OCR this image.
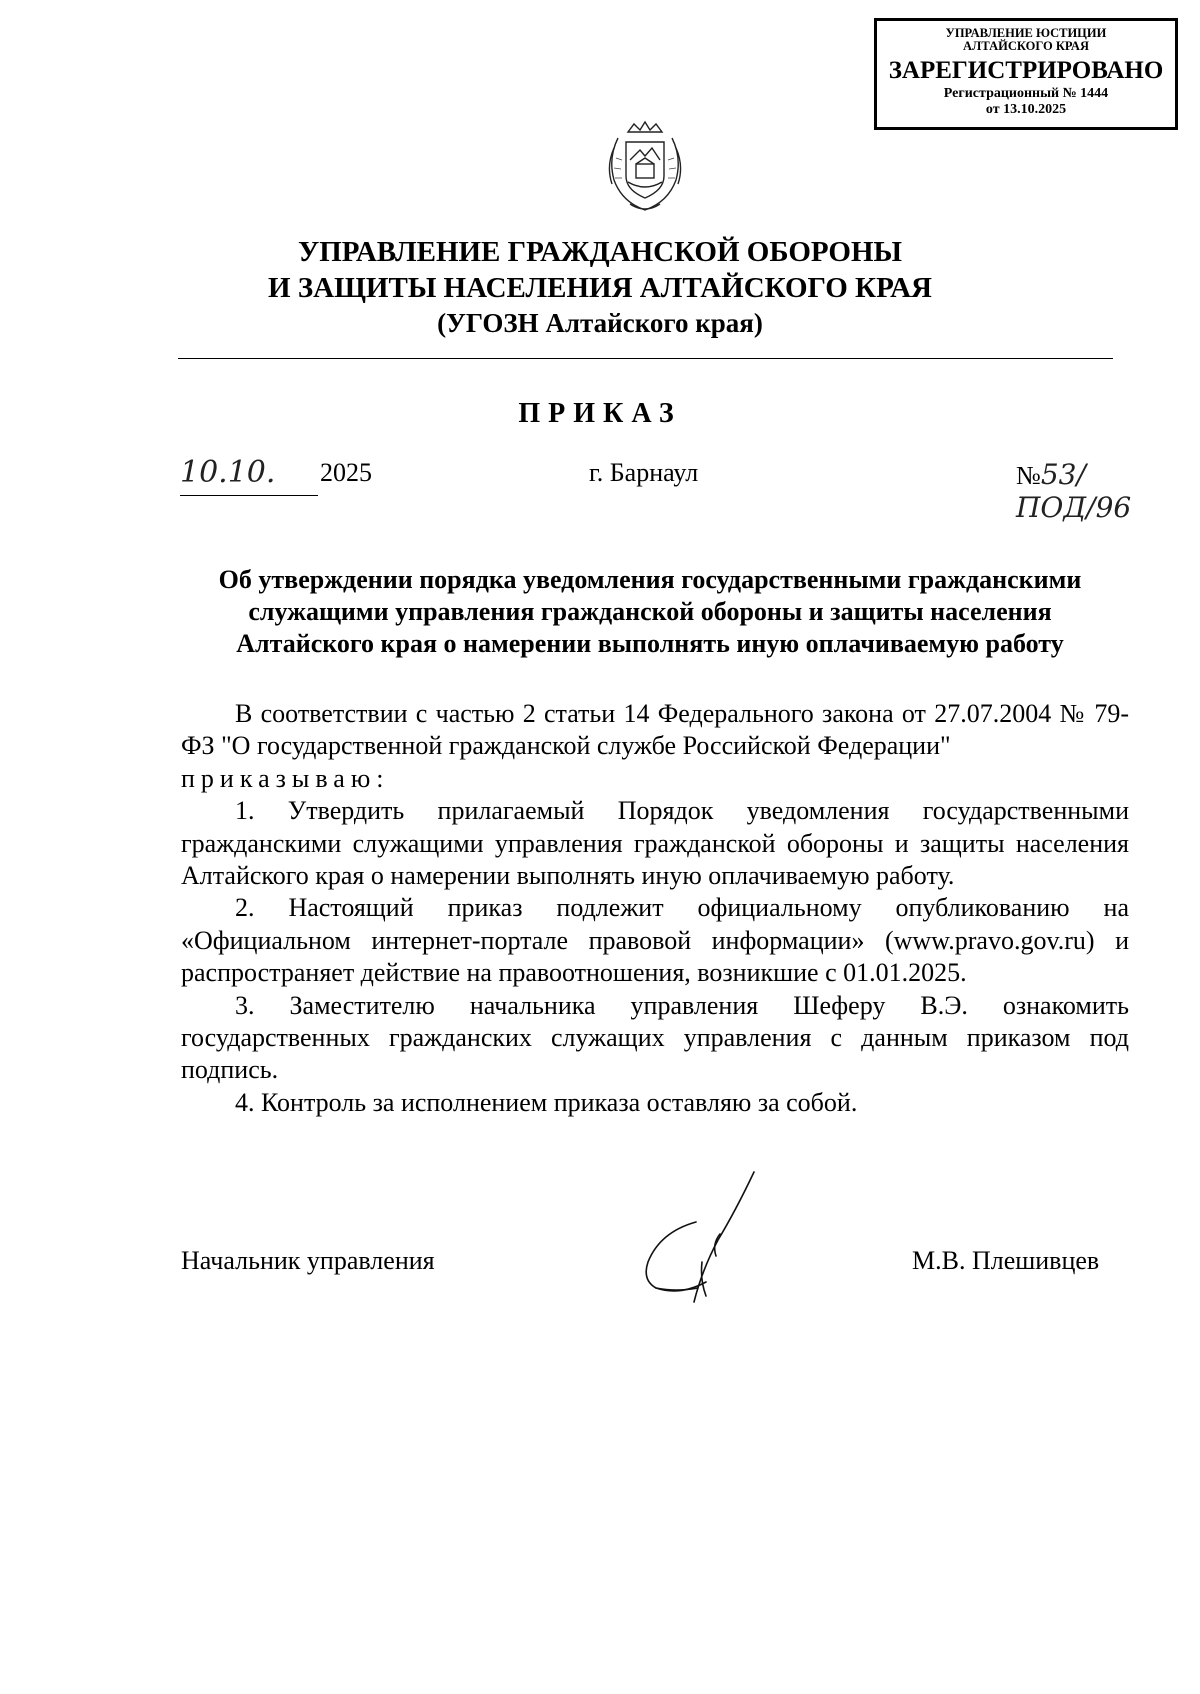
УПРАВЛЕНИЕ ЮСТИЦИИ
АЛТАЙСКОГО КРАЯ
ЗАРЕГИСТРИРОВАНО
Регистрационный № 1444
от 13.10.2025
УПРАВЛЕНИЕ ГРАЖДАНСКОЙ ОБОРОНЫ
И ЗАЩИТЫ НАСЕЛЕНИЯ АЛТАЙСКОГО КРАЯ
(УГОЗН Алтайского края)
ПРИКАЗ
10.10.	2025	г. Барнаул	№53/ПОД/96
Об утверждении порядка уведомления государственными гражданскими
служащими управления гражданской обороны и защиты населения
Алтайского края о намерении выполнять иную оплачиваемую работу

В соответствии с частью 2 статьи 14 Федерального закона от 27.07.2004 № 79-ФЗ "О государственной гражданской службе Российской Федерации"

приказываю:

1. Утвердить прилагаемый Порядок уведомления государственными гражданскими служащими управления гражданской обороны и защиты населения Алтайского края о намерении выполнять иную оплачиваемую работу.

2. Настоящий приказ подлежит официальному опубликованию на «Официальном интернет-портале правовой информации» (www.pravo.gov.ru) и распространяет действие на правоотношения, возникшие с 01.01.2025.

3. Заместителю начальника управления Шеферу В.Э. ознакомить государственных гражданских служащих управления с данным приказом под подпись.

4. Контроль за исполнением приказа оставляю за собой.

Начальник управления	М.В. Плешивцев
